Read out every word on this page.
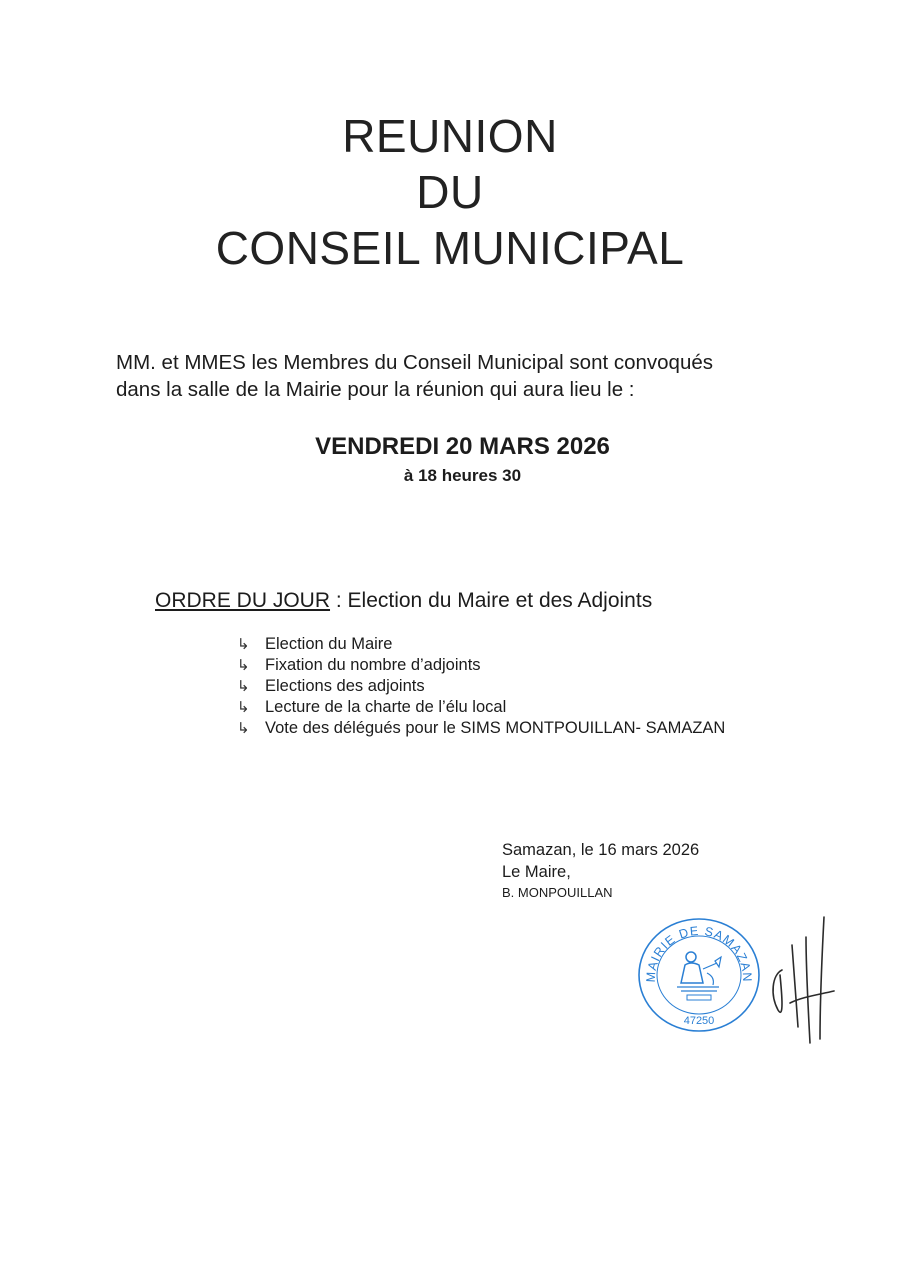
REUNION
DU
CONSEIL MUNICIPAL
MM. et MMES les Membres du Conseil Municipal sont convoqués
dans la salle de la Mairie pour la réunion qui aura lieu le :
VENDREDI 20 MARS 2026
à 18 heures 30
ORDRE DU JOUR : Election du Maire et des Adjoints
↳ Election du Maire
↳ Fixation du nombre d’adjoints
↳ Elections des adjoints
↳ Lecture de la charte de l’élu local
↳ Vote des délégués pour le SIMS MONTPOUILLAN- SAMAZAN
Samazan, le 16 mars 2026
Le Maire,
B. MONPOUILLAN
MAIRIE DE SAMAZAN
47250
